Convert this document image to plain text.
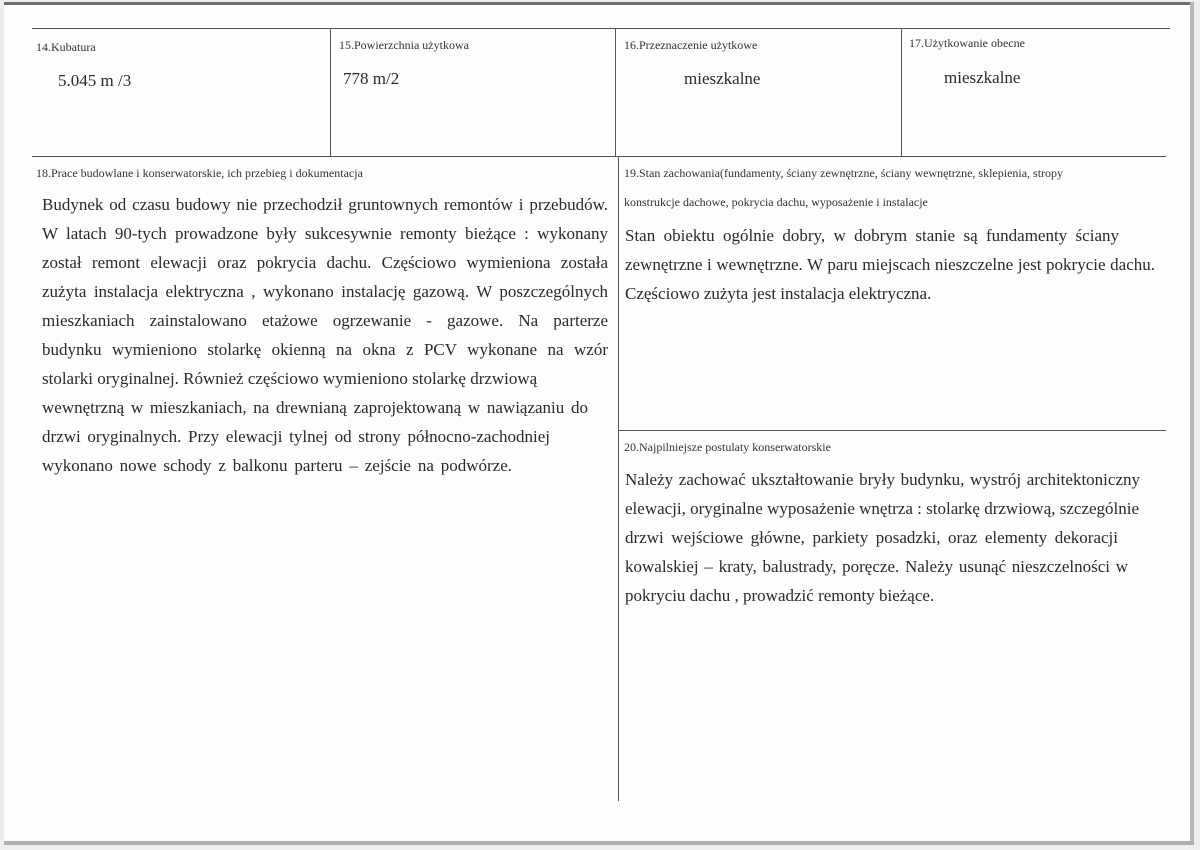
14.Kubatura
5.045 m /3
15.Powierzchnia użytkowa
778 m/2
16.Przeznaczenie użytkowe
mieszkalne
17.Użytkowanie obecne
mieszkalne
18.Prace budowlane i konserwatorskie, ich przebieg i dokumentacja
Budynek od czasu budowy nie przechodził gruntownych remontów i przebudów.
W latach 90-tych prowadzone były sukcesywnie remonty bieżące : wykonany
został remont elewacji oraz pokrycia dachu. Częściowo wymieniona została
zużyta instalacja elektryczna , wykonano instalację gazową. W poszczególnych
mieszkaniach zainstalowano etażowe ogrzewanie - gazowe. Na parterze
budynku wymieniono stolarkę okienną na okna z PCV wykonane na wzór
stolarki oryginalnej. Również częściowo wymieniono stolarkę drzwiową
wewnętrzną w mieszkaniach, na drewnianą zaprojektowaną w nawiązaniu do
drzwi oryginalnych. Przy elewacji tylnej od strony północno-zachodniej
wykonano nowe schody z balkonu parteru – zejście na podwórze.
19.Stan zachowania(fundamenty, ściany zewnętrzne, ściany wewnętrzne, sklepienia, stropy
konstrukcje dachowe, pokrycia dachu, wyposażenie i instalacje
Stan obiektu ogólnie dobry, w dobrym stanie są fundamenty ściany
zewnętrzne i wewnętrzne. W paru miejscach nieszczelne jest pokrycie dachu.
Częściowo zużyta jest instalacja elektryczna.
20.Najpilniejsze postulaty konserwatorskie
Należy zachować ukształtowanie bryły budynku, wystrój architektoniczny
elewacji, oryginalne wyposażenie wnętrza : stolarkę drzwiową, szczególnie
drzwi wejściowe główne, parkiety posadzki, oraz elementy dekoracji
kowalskiej – kraty, balustrady, poręcze. Należy usunąć nieszczelności w
pokryciu dachu , prowadzić remonty bieżące.
